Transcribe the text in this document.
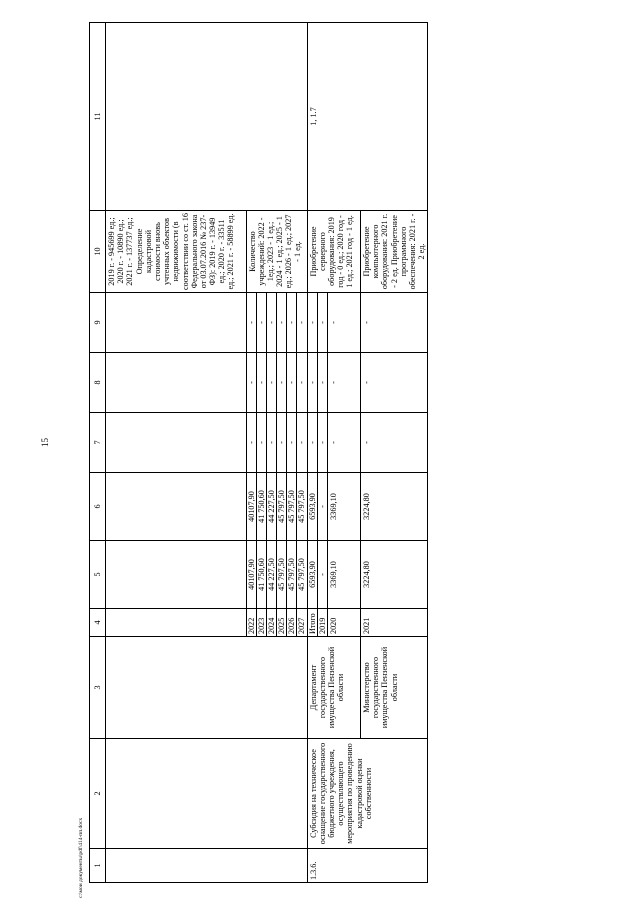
15
c:\мои документы\pdf\414-пп.docx 1	2	3	4	5	6	7	8	9	10	11
									2019 г. - 945699 ед.; 2020 г. - 10890 ед.; 2021 г. - 137737 ед.; Определение кадастровой стоимости вновь учтенных объектов недвижимости (в соответствии со ст. 16 Федерального закона от 03.07.2016 № 237-ФЗ): 2019 г. - 13949 ед.; 2020 г. - 33511 ед.; 2021 г. - 58899 ед.	
			2022	40107,90	40107,90	-	-	-	Количество учреждений: 2022 - 1ед.; 2023 - 1 ед.; 2024 - 1 ед.; 2025 - 1 ед.; 2026 - 1 ед.; 2027 - 1 ед.	
			2023	41 750,60	41 750,60	-	-	-		
			2024	44 227,50	44 227,50	-	-	-		
			2025	45 797,50	45 797,50	-	-	-		
			2026	45 797,50	45 797,50	-	-	-		
			2027	45 797,50	45 797,50	-	-	-		
1.3.6.	Субсидия на техническое оснащение государственного бюджетного учреждения, осуществляющего мероприятия по проведению кадастровой оценки собственности	Департамент государственного имущества Пензенской области	Итого	6593,90	6593,90	-	-	-	Приобретение серверного оборудования: 2019 год - 0 ед.; 2020 год - 1 ед.; 2021 год - 1 ед.	1, 1.7
			2019	-	-	-	-	-		
			2020	3369,10	3369,10	-	-	-		
		Министерство государственного имущества Пензенской области	2021	3224,80	3224,80	-	-	-	Приобретение компьютерного оборудования: 2021 г. - 2 ед. Приобретение программного обеспечения: 2021 г. - 2 ед.	
